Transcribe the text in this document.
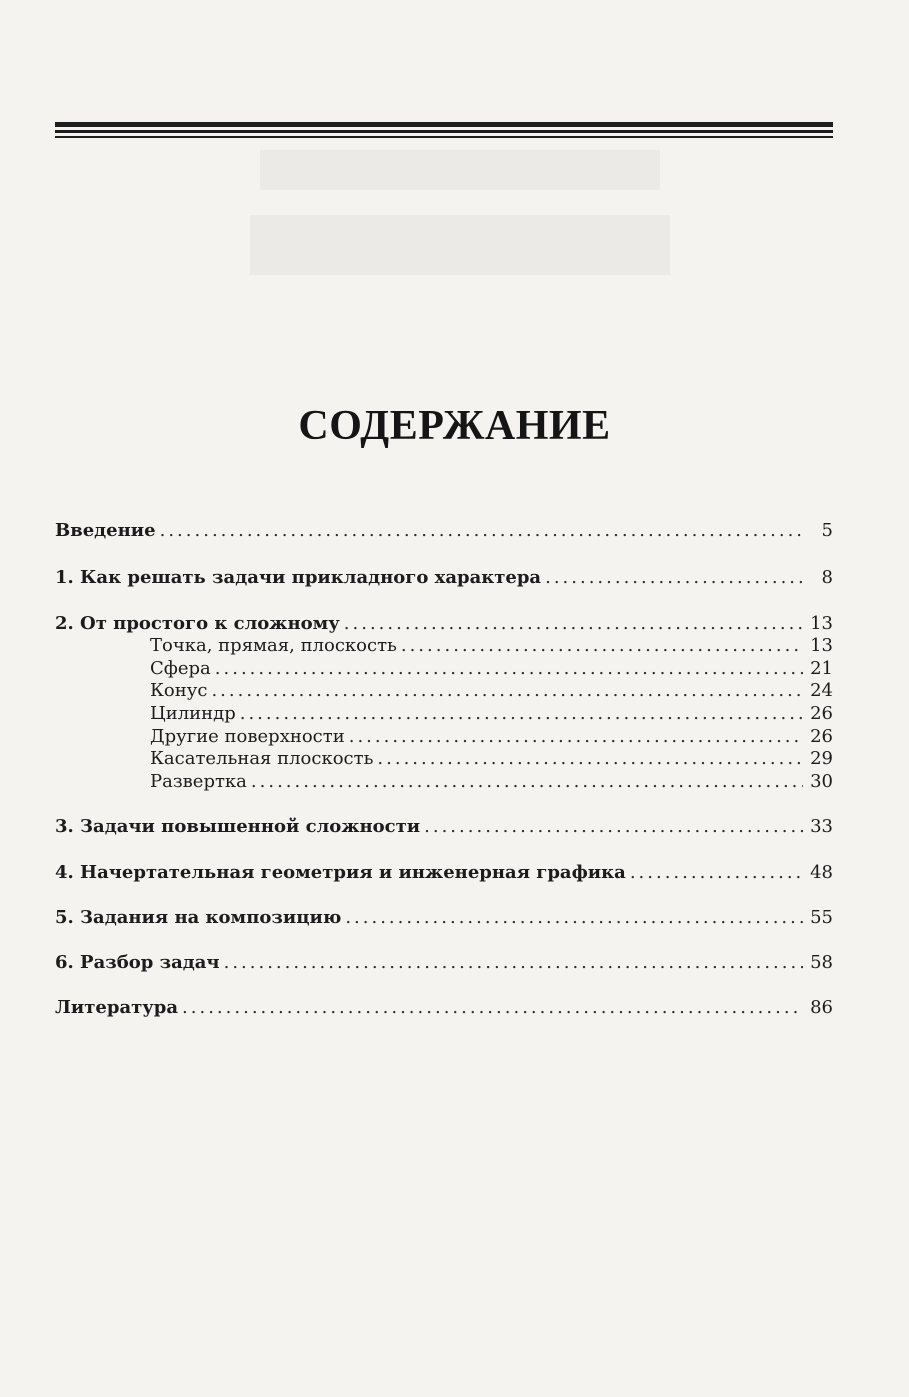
СОДЕРЖАНИЕ
Введение .....	5
1. Как решать задачи прикладного характера .....	8
2. От простого к сложному .....	13
Точка, прямая, плоскость .....	13
Сфера .....	21
Конус .....	24
Цилиндр .....	26
Другие поверхности .....	26
Касательная плоскость .....	29
Развертка .....	30
3. Задачи повышенной сложности .....	33
4. Начертательная геометрия и инженерная графика .....	48
5. Задания на композицию .....	55
6. Разбор задач .....	58
Литература .....	86
